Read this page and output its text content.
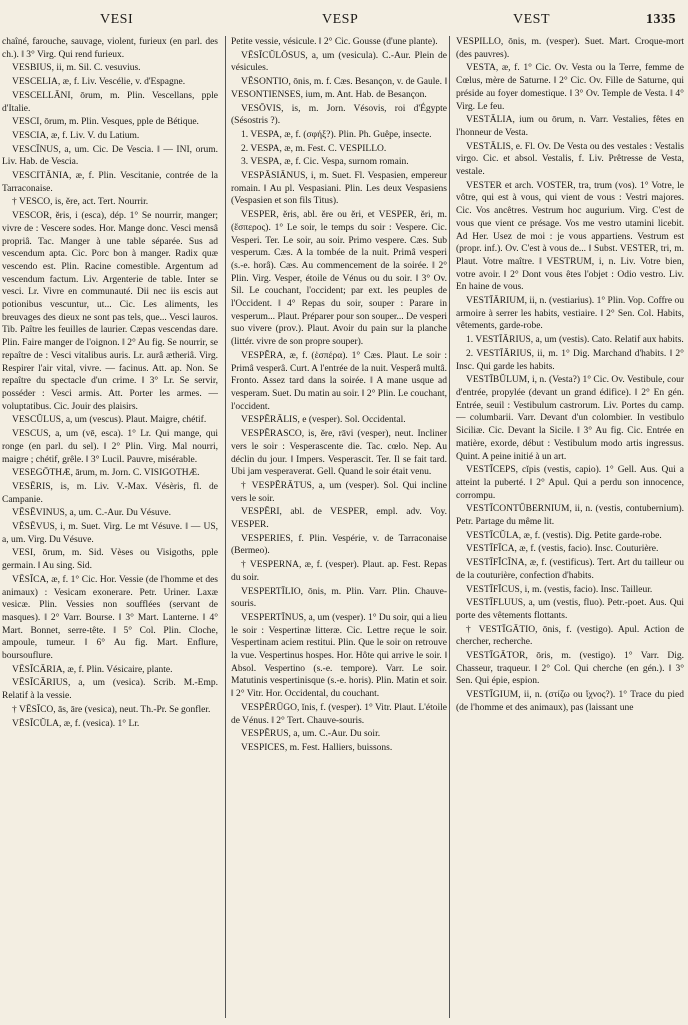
VESI	VESP	VEST	1335

chaîné, farouche, sauvage, violent, furieux (en parl. des ch.). ‖ 3° Virg. Qui rend furieux.

VESBIUS, ii, m. Sil. C. vesuvius.

VESCELIA, æ, f. Liv. Vescélie, v. d'Espagne.

VESCELLĀNI, ōrum, m. Plin. Vescellans, pple d'Italie.

VESCI, ōrum, m. Plin. Vesques, pple de Bétique.

VESCIA, æ, f. Liv. V. du Latium.

VESCĪNUS, a, um. Cic. De Vescia. ‖ — INI, orum. Liv. Hab. de Vescia.

VESCITĀNIA, æ, f. Plin. Vescitanie, contrée de la Tarraconaise.

† VESCO, is, ĕre, act. Tert. Nourrir.

VESCOR, ĕris, i (esca), dép. 1° Se nourrir, manger; vivre de : Vescere sodes. Hor. Mange donc. Vesci mensâ propriâ. Tac. Manger à une table séparée. Sus ad vescendum apta. Cic. Porc bon à manger. Radix quæ vescendo est. Plin. Racine comestible. Argentum ad vescendum factum. Liv. Argenterie de table. Inter se vesci. Lr. Vivre en communauté. Dii nec iis escis aut potionibus vescuntur, ut... Cic. Les aliments, les breuvages des dieux ne sont pas tels, que... Vesci lauros. Tib. Paître les feuilles de laurier. Cæpas vescendas dare. Plin. Faire manger de l'oignon. ‖ 2° Au fig. Se nourrir, se repaître de : Vesci vitalibus auris. Lr. aurâ ætheriâ. Virg. Respirer l'air vital, vivre. — facinus. Att. ap. Non. Se repaître du spectacle d'un crime. ‖ 3° Lr. Se servir, posséder : Vesci armis. Att. Porter les armes. — voluptatibus. Cic. Jouir des plaisirs.

VESCŬLUS, a, um (vescus). Plaut. Maigre, chétif.

VESCUS, a, um (vē, esca). 1° Lr. Qui mange, qui ronge (en parl. du sel). ‖ 2° Plin. Virg. Mal nourri, maigre ; chétif, grêle. ‖ 3° Lucil. Pauvre, misérable.

VESEGŌTHÆ, ārum, m. Jorn. C. VISIGOTHÆ.

VESĒRIS, is, m. Liv. V.-Max. Vésèris, fl. de Campanie.

VĒSĒVINUS, a, um. C.-Aur. Du Vésuve.

VĔSĒVUS, i, m. Suet. Virg. Le mt Vésuve. ‖ — US, a, um. Virg. Du Vésuve.

VESI, ōrum, m. Sid. Vèses ou Visigoths, pple germain. ‖ Au sing. Sid.

VĒSĪCA, æ, f. 1° Cic. Hor. Vessie (de l'homme et des animaux) : Vesicam exonerare. Petr. Uriner. Laxæ vesicæ. Plin. Vessies non soufflées (servant de masques). ‖ 2° Varr. Bourse. ‖ 3° Mart. Lanterne. ‖ 4° Mart. Bonnet, serre-tête. ‖ 5° Col. Plin. Cloche, ampoule, tumeur. ‖ 6° Au fig. Mart. Enflure, boursouflure.

VĒSĪCĀRIA, æ, f. Plin. Vésicaire, plante.

VĒSĪCĀRIUS, a, um (vesica). Scrib. M.-Emp. Relatif à la vessie.

† VĒSĪCO, ās, āre (vesica), neut. Th.-Pr. Se gonfler.

VĒSĪCŬLA, æ, f. (vesica). 1° Lr.

Petite vessie, vésicule. ‖ 2° Cic. Gousse (d'une plante).

VĒSĪCŬLŌSUS, a, um (vesicula). C.-Aur. Plein de vésicules.

VĔSONTIO, ōnis, m. f. Cæs. Besançon, v. de Gaule. ‖ VESONTIENSES, ium, m. Ant. Hab. de Besançon.

VESŌVIS, is, m. Jorn. Vésovis, roi d'Égypte (Sésostris ?).

1. VESPA, æ, f. (σφήξ?). Plin. Ph. Guêpe, insecte.

2. VESPA, æ, m. Fest. C. VESPILLO.

3. VESPA, æ, f. Cic. Vespa, surnom romain.

VESPĀSIĀNUS, i, m. Suet. Fl. Vespasien, empereur romain. ‖ Au pl. Vespasiani. Plin. Les deux Vespasiens (Vespasien et son fils Titus).

VESPER, ĕris, abl. ĕre ou ĕri, et VESPER, ĕri, m. (ἕσπερος). 1° Le soir, le temps du soir : Vespere. Cic. Vesperi. Ter. Le soir, au soir. Primo vespere. Cæs. Sub vesperum. Cæs. A la tombée de la nuit. Primâ vesperi (s.-e. horâ). Cæs. Au commencement de la soirée. ‖ 2° Plin. Virg. Vesper, étoile de Vénus ou du soir. ‖ 3° Ov. Sil. Le couchant, l'occident; par ext. les peuples de l'Occident. ‖ 4° Repas du soir, souper : Parare in vesperum... Plaut. Préparer pour son souper... De vesperi suo vivere (prov.). Plaut. Avoir du pain sur la planche (littér. vivre de son propre souper).

VESPĔRA, æ, f. (ἑσπέρα). 1° Cæs. Plaut. Le soir : Primâ vesperâ. Curt. A l'entrée de la nuit. Vesperâ multâ. Fronto. Assez tard dans la soirée. ‖ A mane usque ad vesperam. Suet. Du matin au soir. ‖ 2° Plin. Le couchant, l'occident.

VESPĔRĀLIS, e (vesper). Sol. Occidental.

VESPĔRASCO, is, ĕre, rāvi (vesper), neut. Incliner vers le soir : Vesperascente die. Tac. cœlo. Nep. Au déclin du jour. ‖ Impers. Vesperascit. Ter. Il se fait tard. Ubi jam vesperaverat. Gell. Quand le soir était venu.

† VESPĔRĀTUS, a, um (vesper). Sol. Qui incline vers le soir.

VESPĔRI, abl. de VESPER, empl. adv. Voy. VESPER.

VESPERIES, f. Plin. Vespérie, v. de Tarraconaise (Bermeo).

† VESPERNA, æ, f. (vesper). Plaut. ap. Fest. Repas du soir.

VESPERTĪLIO, ōnis, m. Plin. Varr. Plin. Chauve-souris.

VESPERTĪNUS, a, um (vesper). 1° Du soir, qui a lieu le soir : Vespertinæ litteræ. Cic. Lettre reçue le soir. Vespertinam aciem restitui. Plin. Que le soir on retrouve la vue. Vespertinus hospes. Hor. Hôte qui arrive le soir. ‖ Absol. Vespertino (s.-e. tempore). Varr. Le soir. Matutinis vespertinisque (s.-e. horis). Plin. Matin et soir. ‖ 2° Vitr. Hor. Occidental, du couchant.

VESPĔRŪGO, ĭnis, f. (vesper). 1° Vitr. Plaut. L'étoile de Vénus. ‖ 2° Tert. Chauve-souris.

VESPĔRUS, a, um. C.-Aur. Du soir.

VESPICES, m. Fest. Halliers, buissons.

VESPILLO, ōnis, m. (vesper). Suet. Mart. Croque-mort (des pauvres).

VESTA, æ, f. 1° Cic. Ov. Vesta ou la Terre, femme de Cœlus, mère de Saturne. ‖ 2° Cic. Ov. Fille de Saturne, qui préside au foyer domestique. ‖ 3° Ov. Temple de Vesta. ‖ 4° Virg. Le feu.

VESTĀLIA, ium ou ōrum, n. Varr. Vestalies, fêtes en l'honneur de Vesta.

VESTĀLIS, e. Fl. Ov. De Vesta ou des vestales : Vestalis virgo. Cic. et absol. Vestalis, f. Liv. Prêtresse de Vesta, vestale.

VESTER et arch. VOSTER, tra, trum (vos). 1° Votre, le vôtre, qui est à vous, qui vient de vous : Vestri majores. Cic. Vos ancêtres. Vestrum hoc augurium. Virg. C'est de vous que vient ce présage. Vos me vestro utamini licebit. Ad Her. Usez de moi : je vous appartiens. Vestrum est (propr. inf.). Ov. C'est à vous de... ‖ Subst. VESTER, tri, m. Plaut. Votre maître. ‖ VESTRUM, i, n. Liv. Votre bien, votre avoir. ‖ 2° Dont vous êtes l'objet : Odio vestro. Liv. En haine de vous.

VESTĪĀRIUM, ii, n. (vestiarius). 1° Plin. Vop. Coffre ou armoire à serrer les habits, vestiaire. ‖ 2° Sen. Col. Habits, vêtements, garde-robe.

1. VESTĪĀRIUS, a, um (vestis). Cato. Relatif aux habits.

2. VESTĪĀRIUS, ii, m. 1° Dig. Marchand d'habits. ‖ 2° Insc. Qui garde les habits.

VESTĪBŬLUM, i, n. (Vesta?) 1° Cic. Ov. Vestibule, cour d'entrée, propylée (devant un grand édifice). ‖ 2° En gén. Entrée, seuil : Vestibulum castrorum. Liv. Portes du camp. — columbarii. Varr. Devant d'un colombier. In vestibulo Siciliæ. Cic. Devant la Sicile. ‖ 3° Au fig. Cic. Entrée en matière, exorde, début : Vestibulum modo artis ingressus. Quint. A peine initié à un art.

VESTĪCEPS, cĭpis (vestis, capio). 1° Gell. Aus. Qui a atteint la puberté. ‖ 2° Apul. Qui a perdu son innocence, corrompu.

VESTĪCONTŬBERNIUM, ii, n. (vestis, contubernium). Petr. Partage du même lit.

VESTĪCŬLA, æ, f. (vestis). Dig. Petite garde-robe.

VESTĪFĪCA, æ, f. (vestis, facio). Insc. Couturière.

VESTĪFĬCĪNA, æ, f. (vestificus). Tert. Art du tailleur ou de la couturière, confection d'habits.

VESTĪFĬCUS, i, m. (vestis, facio). Insc. Tailleur.

VESTĪFLUUS, a, um (vestis, fluo). Petr.-poet. Aus. Qui porte des vêtements flottants.

† VESTĪGĀTIO, ōnis, f. (vestigo). Apul. Action de chercher, recherche.

VESTĪGĀTOR, ōris, m. (vestigo). 1° Varr. Dig. Chasseur, traqueur. ‖ 2° Col. Qui cherche (en gén.). ‖ 3° Sen. Qui épie, espion.

VESTĪGIUM, ii, n. (στίζω ou ἴχνος?). 1° Trace du pied (de l'homme et des animaux), pas (laissant une
